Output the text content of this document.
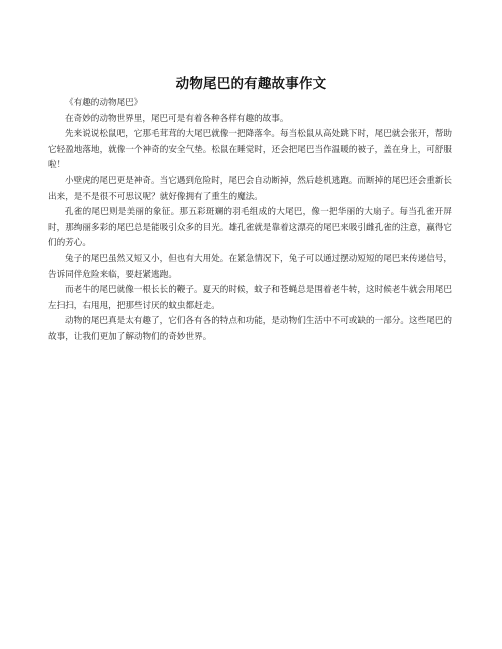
动物尾巴的有趣故事作文

《有趣的动物尾巴》

在奇妙的动物世界里，尾巴可是有着各种各样有趣的故事。

先来说说松鼠吧，它那毛茸茸的大尾巴就像一把降落伞。每当松鼠从高处跳下时，尾巴就会张开，帮助它轻盈地落地，就像一个神奇的安全气垫。松鼠在睡觉时，还会把尾巴当作温暖的被子，盖在身上，可舒服啦！

小壁虎的尾巴更是神奇。当它遇到危险时，尾巴会自动断掉，然后趁机逃跑。而断掉的尾巴还会重新长出来，是不是很不可思议呢？就好像拥有了重生的魔法。

孔雀的尾巴则是美丽的象征。那五彩斑斓的羽毛组成的大尾巴，像一把华丽的大扇子。每当孔雀开屏时，那绚丽多彩的尾巴总是能吸引众多的目光。雄孔雀就是靠着这漂亮的尾巴来吸引雌孔雀的注意，赢得它们的芳心。

兔子的尾巴虽然又短又小，但也有大用处。在紧急情况下，兔子可以通过摆动短短的尾巴来传递信号，告诉同伴危险来临，要赶紧逃跑。

而老牛的尾巴就像一根长长的鞭子。夏天的时候，蚊子和苍蝇总是围着老牛转，这时候老牛就会用尾巴左扫扫，右甩甩，把那些讨厌的蚊虫都赶走。

动物的尾巴真是太有趣了，它们各有各的特点和功能，是动物们生活中不可或缺的一部分。这些尾巴的故事，让我们更加了解动物们的奇妙世界。
